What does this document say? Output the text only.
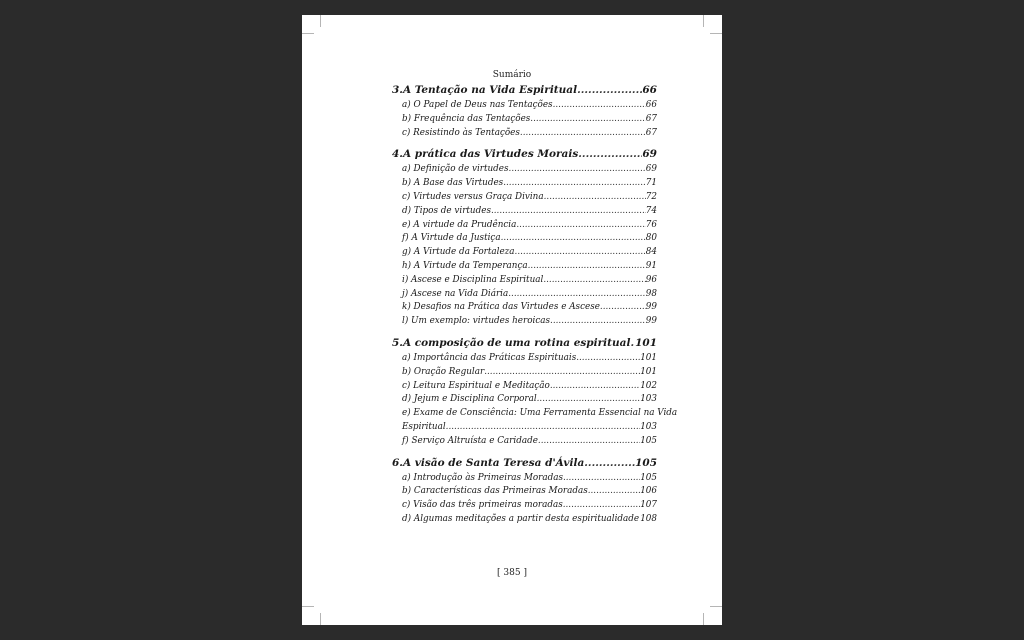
Sumário
3.A Tentação na Vida Espiritual .....	66
a) O Papel de Deus nas Tentações .....	66
b) Frequência das Tentações .....	67
c) Resistindo às Tentações .....	67
4.A prática das Virtudes Morais .....	69
a) Definição de virtudes .....	69
b) A Base das Virtudes .....	71
c) Virtudes versus Graça Divina .....	72
d) Tipos de virtudes .....	74
e) A virtude da Prudência .....	76
f) A Virtude da Justiça .....	80
g) A Virtude da Fortaleza .....	84
h) A Virtude da Temperança .....	91
i) Ascese e Disciplina Espiritual .....	96
j) Ascese na Vida Diária .....	98
k) Desafios na Prática das Virtudes e Ascese .....	99
l) Um exemplo: virtudes heroicas .....	99
5.A composição de uma rotina espiritual ..... 101
a) Importância das Práticas Espirituais .....	101
b) Oração Regular .....	101
c) Leitura Espiritual e Meditação .....	102
d) Jejum e Disciplina Corporal .....	103
e) Exame de Consciência: Uma Ferramenta Essencial na Vida
Espiritual .....	103
f) Serviço Altruísta e Caridade .....	105
6.A visão de Santa Teresa d'Ávila .....	105
a) Introdução às Primeiras Moradas .....	105
b) Características das Primeiras Moradas .....	106
c) Visão das três primeiras moradas .....	107
d) Algumas meditações a partir desta espiritualidade ..... 108
[ 385 ]
